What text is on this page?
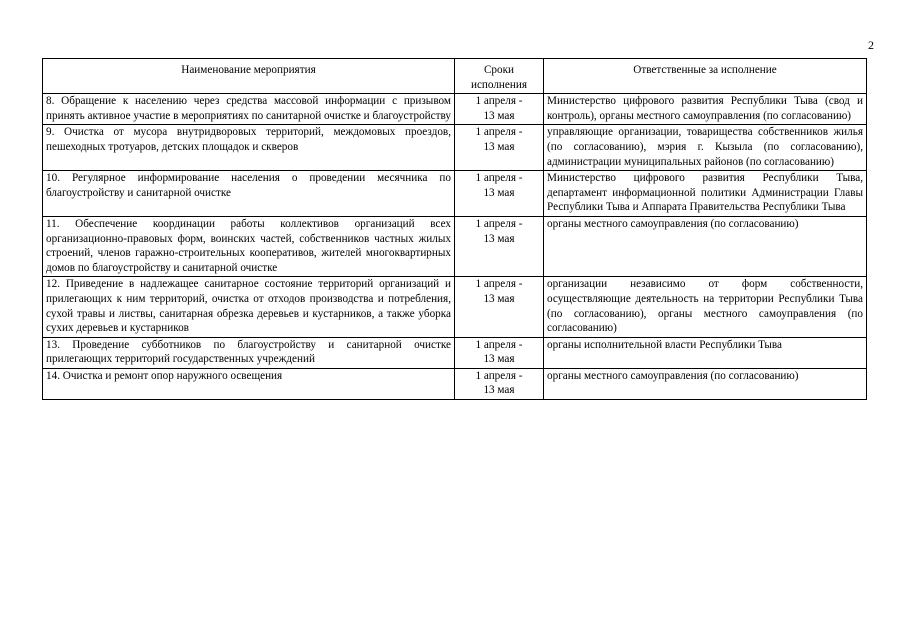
2
Наименование мероприятия	Сроки исполнения	Ответственные за исполнение
8. Обращение к населению через средства массовой информации с призывом принять активное участие в мероприятиях по санитарной очистке и благоустройству	1 апреля -
13 мая	Министерство цифрового развития Республики Тыва (свод и контроль), органы местного самоуправления (по согласованию)
9. Очистка от мусора внутридворовых территорий, междомовых проездов, пешеходных тротуаров, детских площадок и скверов	1 апреля -
13 мая	управляющие организации, товарищества собственников жилья (по согласованию), мэрия г. Кызыла (по согласованию), администрации муниципальных районов (по согласованию)
10. Регулярное информирование населения о проведении месячника по благоустройству и санитарной очистке	1 апреля -
13 мая	Министерство цифрового развития Республики Тыва, департамент информационной политики Администрации Главы Республики Тыва и Аппарата Правительства Республики Тыва
11. Обеспечение координации работы коллективов организаций всех организационно-правовых форм, воинских частей, собственников частных жилых строений, членов гаражно-строительных кооперативов, жителей многоквартирных домов по благоустройству и санитарной очистке	1 апреля -
13 мая	органы местного самоуправления (по согласованию)
12. Приведение в надлежащее санитарное состояние территорий организаций и прилегающих к ним территорий, очистка от отходов производства и потребления, сухой травы и листвы, санитарная обрезка деревьев и кустарников, а также уборка сухих деревьев и кустарников	1 апреля -
13 мая	организации независимо от форм собственности, осуществляющие деятельность на территории Республики Тыва (по согласованию), органы местного самоуправления (по согласованию)
13. Проведение субботников по благоустройству и санитарной очистке прилегающих территорий государственных учреждений	1 апреля -
13 мая	органы исполнительной власти Республики Тыва
14. Очистка и ремонт опор наружного освещения	1 апреля -
13 мая	органы местного самоуправления (по согласованию)
